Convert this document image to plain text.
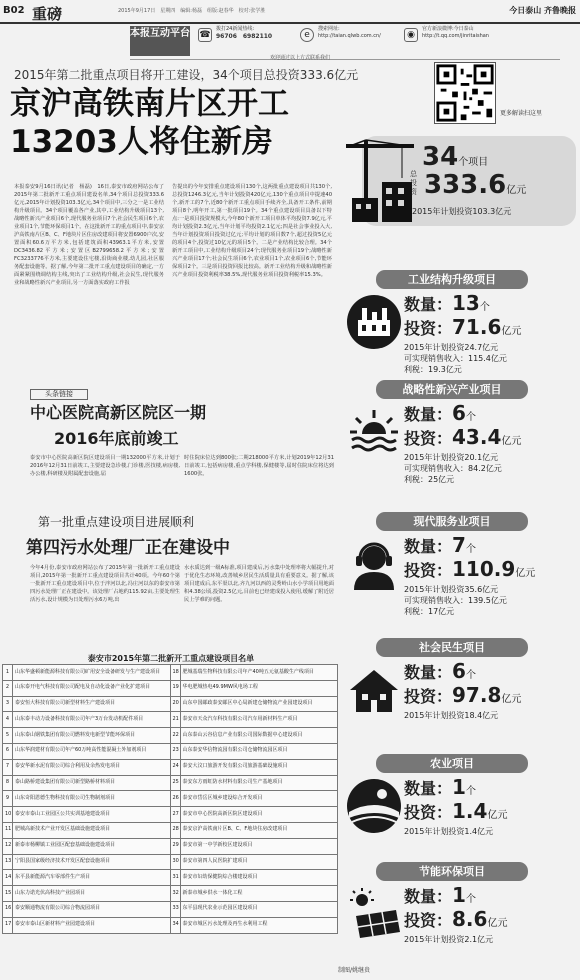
B02 重磅	2015年9月17日　星期四　编辑:杨磊　组版:赵春华　校对:张学胜	今日泰山 齐鲁晚报
本报互动平台 ☎
拨打24新闻热线:
96706　6982110	e
搜索网址:
http://taian.qlwb.com.cn/	◉
官方新浪微博:今日泰山
http://t.qq.com/jinritaishan
欢迎通过以上方式联系我们
2015年第二批重点项目将开工建设，34个项目总投资333.6亿元
京沪高铁南片区开工
13203人将住新房
更多解读扫这里
本报泰安9月16日讯(记者　杨磊)　16日,泰安市政府网站公布了2015年第二批新开工重点项目建设名单,34个项目总投资333.6亿元,2015年计划投资103.3亿元,34个项目中,三分之一是工业结构升级项目。34个项目覆盖各产业,其中,工业结构升级项目13个,战略性新兴产业项目6个,现代服务业项目7个,社会民生项目6个,农业项目1个,节能环保项目1个。在这批新开工的重点项目中,泰安京沪高铁南片区B、C、F地块片区住房改建项目将安置6900户次,安置面积60.6万平方米,包括建筑面积43963.1平方米,安置DC3436.82平方米;安置区B2799658.2平方米;安置FC3233776平方米,主要建设住宅楼,沿街商业楼,幼儿园,社区服务配套设施等。据了解,今年第二批开工重点建设项目的确定,一方面紧紧围绕调结构主线,突出了工业结构升级,社会民生,现代服务业和战略性新兴产业项目,另一方面落实政府工作报
告提出的今年安排重点建设项目130个,这两批重点建设项目共130个,总投资1246.3亿元,当年计划投资420亿元,130个重点项目中提速40个,新开工的7个,近80个新开工重点项目手续齐全,具备开工条件,前期项目8个,明年开工,第一批项目19个。34个重点建设项目具备以下特点:一是项目投资规模大,今年80个新开工项目单体平均投资7.9亿元,平均计划投资2.3亿元,当年计划平均投资2.1亿元;四是社会事业投入大,当年计划投资项目投资过亿元;平均计划的项目数7个,超过投资5亿元的项目4个,投资过10亿元的项目5个。二是产业结构比较合理。34个新开工项目中,工业结构升级项目24个;现代服务业项目19个;战略性新兴产业项目17个;社会民生项目6个,农业项目1个,农业项目6个,节能环保项目2个。三是项目投资回报比较高。新开工业结构升级和战略性新兴产业项目投资利税率38.5%,现代服务业项目投资利税率15.3%。
头条链接
中心医院高新区院区一期
2016年底前竣工
泰安市中心医院高新区院区建设项目一期132000平方米,计划于2016年12月31日前竣工,主要建设急诊楼,门诊楼,医技楼,病房楼,办公楼,科研楼及附属配套设施,届
时住院床位达到800张;二期218000平方米,计划2019年12月31日前竣工,包括病房楼,重点学科楼,保健楼等,届时住院床位将达到1600张。
第一批重点建设项目进展顺利
第四污水处理厂正在建设中
今年4月份,泰安市政府网站公布了2015年第一批新开工重点建设项目,2015年第一批新开工重点建设项目共计40项。今年60个第一批新开工重点建设项目中,位于泮河以北,冯庄河以东的泰安市第四污水处理厂正在建设中。该处理厂占地约115.92亩,主要处理生活污水,设计规模为日处理污水6万吨,出
水水质达到一级A标准,项目建成后,污水集中处理率将大幅提升,对于优化生态环境,改善城乡居民生活质量具有重要意义。据了解,该项目建成后,东平渠以北,齐九河以西的灵秀岭山水小学项目用地面积4.38公顷,投资2.5亿元,目前也已经建成投入使用,缓解了附近居民上学难的问题。
泰安市2015年第二批新开工重点建设项目名单
1	山东华盛顿新能源科技有限公司矿用安全设备研发与生产建设项目	18	肥城基瑞生物科技有限公司年产40吨五元氨基酸生产线项目
2	山东泰开电气科技有限公司配电及自动化设备产业化扩建项目	19	华电肥城热电49.9MW风电场工程
3	泰安恒大科技有限公司新型材料生产建设项目	20	山东中国邮政泰安邮区中心局新建仓储物流产业园建设项目
4	山东泰丰动力设备科技有限公司年产3万台发动机配件项目	21	泰安市天众汽车科技有限公司汽车用新材料生产项目
5	山东泰山钢铁集团有限公司燃料发电新型节能环保项目	22	山东泰山云谷信息产业有限公司国际数据中心建设项目
6	山东华润建材有限公司年产60万吨高性能混凝土外加剂项目	23	山东泰安华信物流园有限公司仓储物流园区项目
7	泰安华新水泥有限公司综合利用及余热发电项目	24	泰安大汶口旅游开发有限公司旅游基础设施项目
8	泰山路桥建设集团有限公司新型路桥材料项目	25	泰安东方雨虹防水材料有限公司生产基地项目
9	山东奇阳恩德生物科技有限公司生物制剂项目	26	泰安市岱岳区城乡建设综合开发项目
10	泰安市泰山工业园区公共实训基地建设项目	27	泰安市中心医院高新区院区建设项目
11	肥城高新技术产业开发区基础设施建设项目	28	泰安京沪高铁南片区B、C、F地块住房改建项目
12	新泰市杨柳镇工业园区配套基础设施建设项目	29	泰安市第一中学新校区建设项目
13	宁阳县国家级经济技术开发区配套设施项目	30	泰安市第四人民医院扩建项目
14	东平县新能源汽车零部件生产项目	31	泰安市妇幼保健院综合楼建设项目
15	山东力诺光伏高科技产业园项目	32	新泰市城乡供水一体化工程
16	泰安顺通物流有限公司综合物流园项目	33	东平县现代农业示范园区建设项目
17	泰安市泰山区新材料产业园建设项目	34	泰安市城区污水处理及再生水利用工程
34个项目
总投资 333.6亿元
2015年计划投资103.3亿元
工业结构升级项目
数量：13个
投资：71.6亿元
2015年计划投资24.7亿元
可实现销售收入：115.4亿元
利税：19.3亿元
战略性新兴产业项目
数量：6个
投资：43.4亿元
2015年计划投资20.1亿元
可实现销售收入：84.2亿元
利税：25亿元
现代服务业项目
数量：7个
投资：110.9亿元
2015年计划投资35.6亿元
可实现销售收入：139.5亿元
利税：17亿元
社会民生项目
数量：6个
投资：97.8亿元
2015年计划投资18.4亿元
农业项目
数量：1个
投资：1.4亿元
2015年计划投资1.4亿元
节能环保项目
数量：1个
投资：8.6亿元
2015年计划投资2.1亿元
制图/姚继贵
